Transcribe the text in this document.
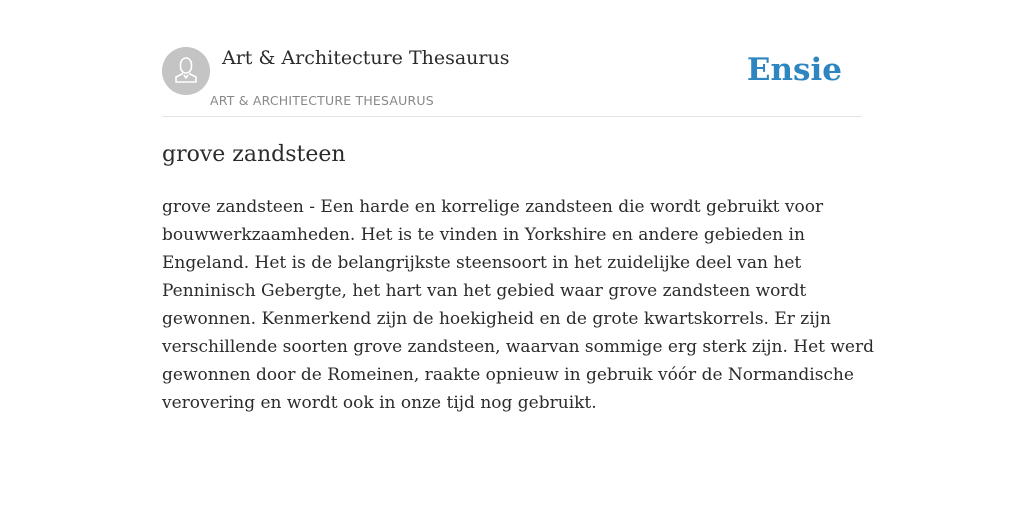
Art & Architecture Thesaurus
ART & ARCHITECTURE THESAURUS
Ensie
grove zandsteen

grove zandsteen - Een harde en korrelige zandsteen die wordt gebruikt voor
bouwwerkzaamheden. Het is te vinden in Yorkshire en andere gebieden in
Engeland. Het is de belangrijkste steensoort in het zuidelijke deel van het
Penninisch Gebergte, het hart van het gebied waar grove zandsteen wordt
gewonnen. Kenmerkend zijn de hoekigheid en de grote kwartskorrels. Er zijn
verschillende soorten grove zandsteen, waarvan sommige erg sterk zijn. Het werd
gewonnen door de Romeinen, raakte opnieuw in gebruik vóór de Normandische
verovering en wordt ook in onze tijd nog gebruikt.
